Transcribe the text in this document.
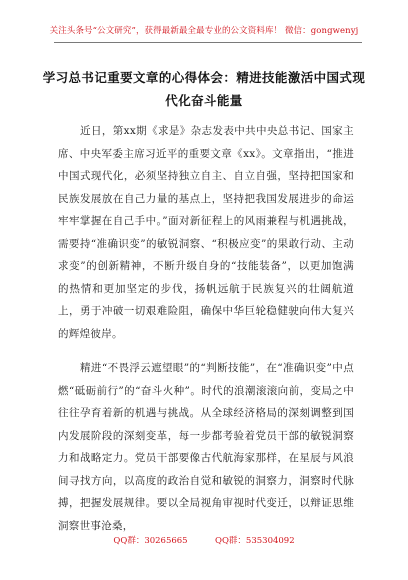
关注头条号“公文研究”，获得最新最全最专业的公文资料库！ 微信：gongwenyj
学习总书记重要文章的心得体会：精进技能激活中国式现
代化奋斗能量

近日，第xx期《求是》杂志发表中共中央总书记、国家主席、中央军委主席习近平的重要文章《xx》。文章指出，“推进中国式现代化，必须坚持独立自主、自立自强，坚持把国家和民族发展放在自己力量的基点上，坚持把我国发展进步的命运牢牢掌握在自己手中。”面对新征程上的风雨兼程与机遇挑战，需要持“准确识变”的敏锐洞察、“积极应变”的果敢行动、主动求变”的创新精神，不断升级自身的“技能装备”，以更加饱满的热情和更加坚定的步伐，扬帆远航于民族复兴的壮阔航道上，勇于冲破一切艰难险阻，确保中华巨轮稳健驶向伟大复兴的辉煌彼岸。

精进“不畏浮云遮望眼”的“判断技能”，在“准确识变”中点燃“砥砺前行”的“奋斗火种”。时代的浪潮滚滚向前，变局之中往往孕育着新的机遇与挑战。从全球经济格局的深刻调整到国内发展阶段的深刻变革，每一步都考验着党员干部的敏锐洞察力和战略定力。党员干部要像古代航海家那样，在星辰与风浪间寻找方向，以高度的政治自觉和敏锐的洞察力，洞察时代脉搏，把握发展规律。要以全局视角审视时代变迁，以辩证思维洞察世事沧桑，

QQ群：30265665	QQ群：535304092
